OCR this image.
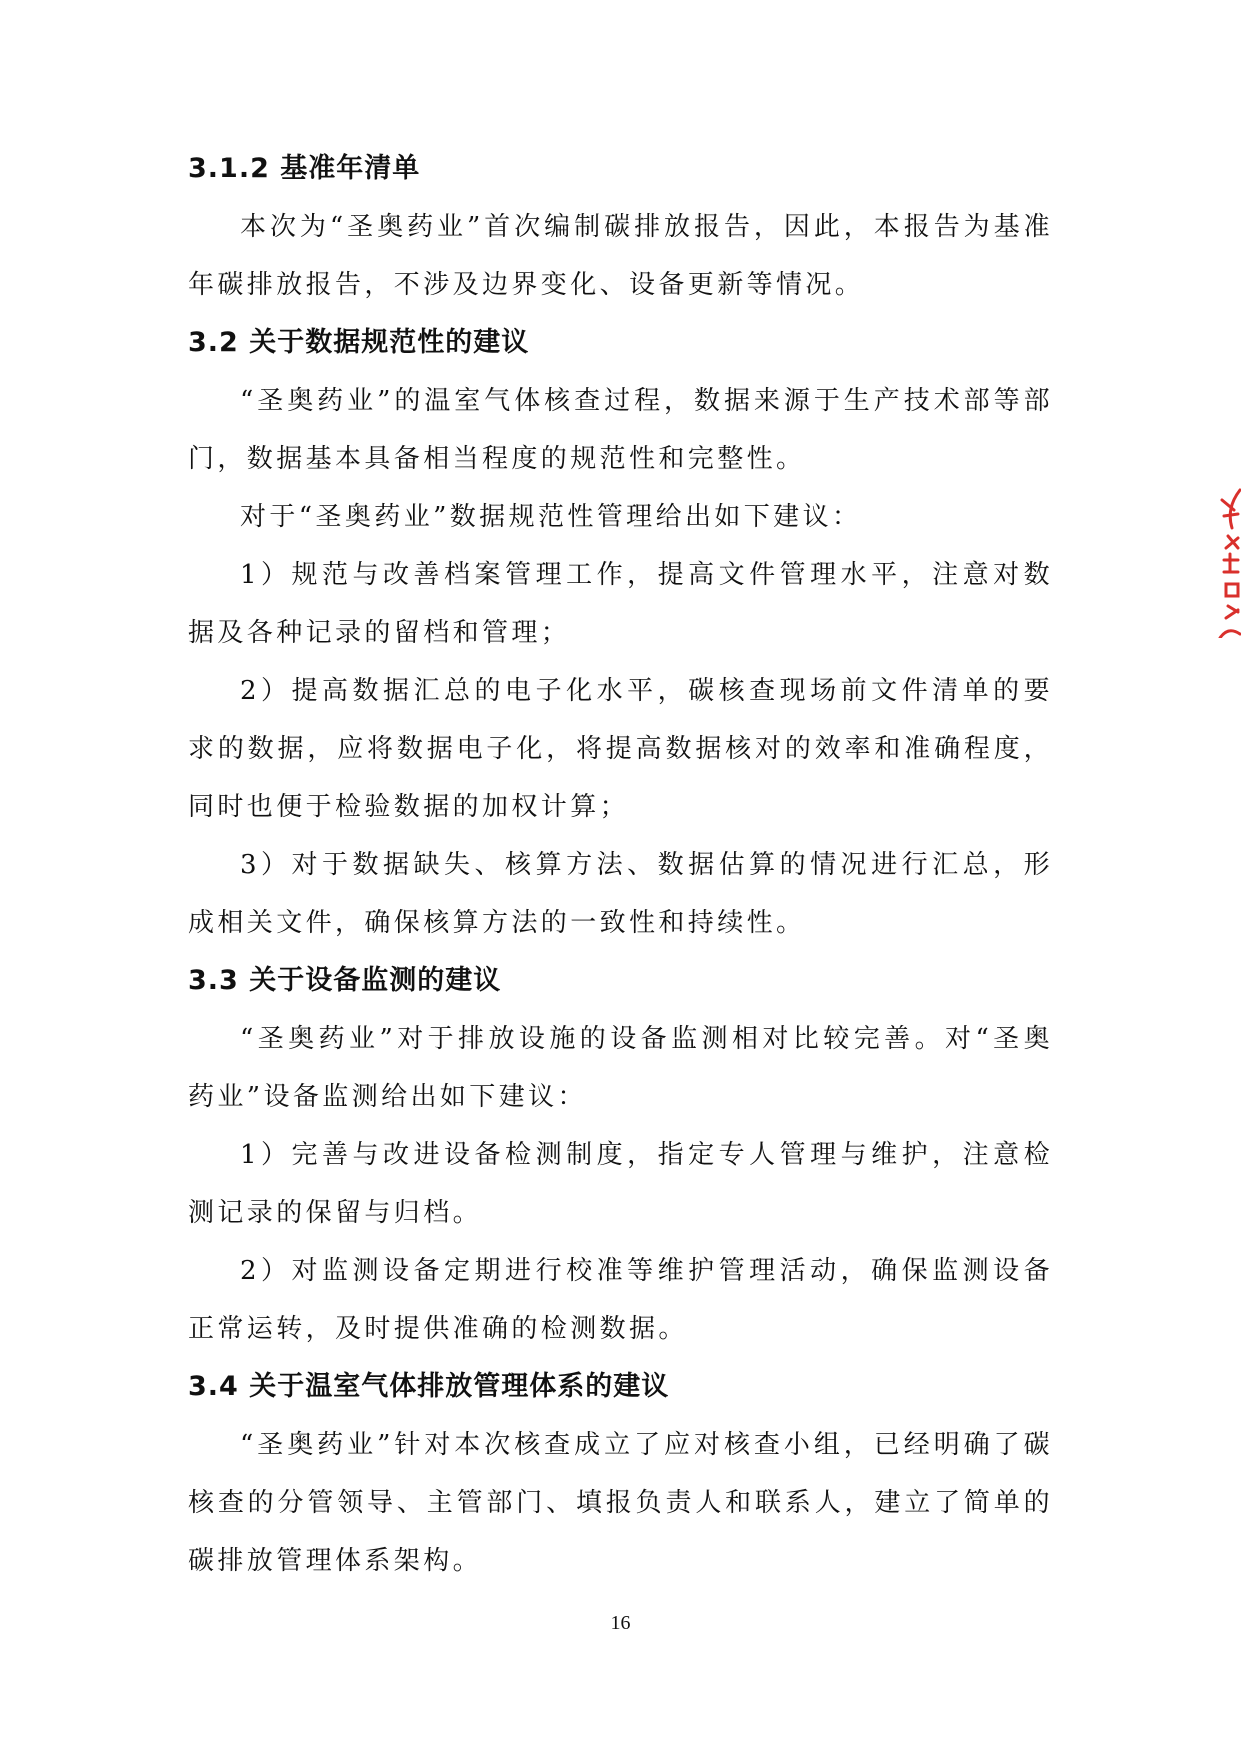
3.1.2 基准年清单

本次为“圣奥药业”首次编制碳排放报告，因此，本报告为基准年碳排放报告，不涉及边界变化、设备更新等情况。

3.2 关于数据规范性的建议

“圣奥药业”的温室气体核查过程，数据来源于生产技术部等部门，数据基本具备相当程度的规范性和完整性。

对于“圣奥药业”数据规范性管理给出如下建议：

1）规范与改善档案管理工作，提高文件管理水平，注意对数据及各种记录的留档和管理；

2）提高数据汇总的电子化水平，碳核查现场前文件清单的要求的数据，应将数据电子化，将提高数据核对的效率和准确程度，同时也便于检验数据的加权计算；

3）对于数据缺失、核算方法、数据估算的情况进行汇总，形成相关文件，确保核算方法的一致性和持续性。

3.3 关于设备监测的建议

“圣奥药业”对于排放设施的设备监测相对比较完善。对“圣奥药业”设备监测给出如下建议：

1）完善与改进设备检测制度，指定专人管理与维护，注意检测记录的保留与归档。

2）对监测设备定期进行校准等维护管理活动，确保监测设备正常运转，及时提供准确的检测数据。

3.4 关于温室气体排放管理体系的建议

“圣奥药业”针对本次核查成立了应对核查小组，已经明确了碳核查的分管领导、主管部门、填报负责人和联系人，建立了简单的碳排放管理体系架构。

16
